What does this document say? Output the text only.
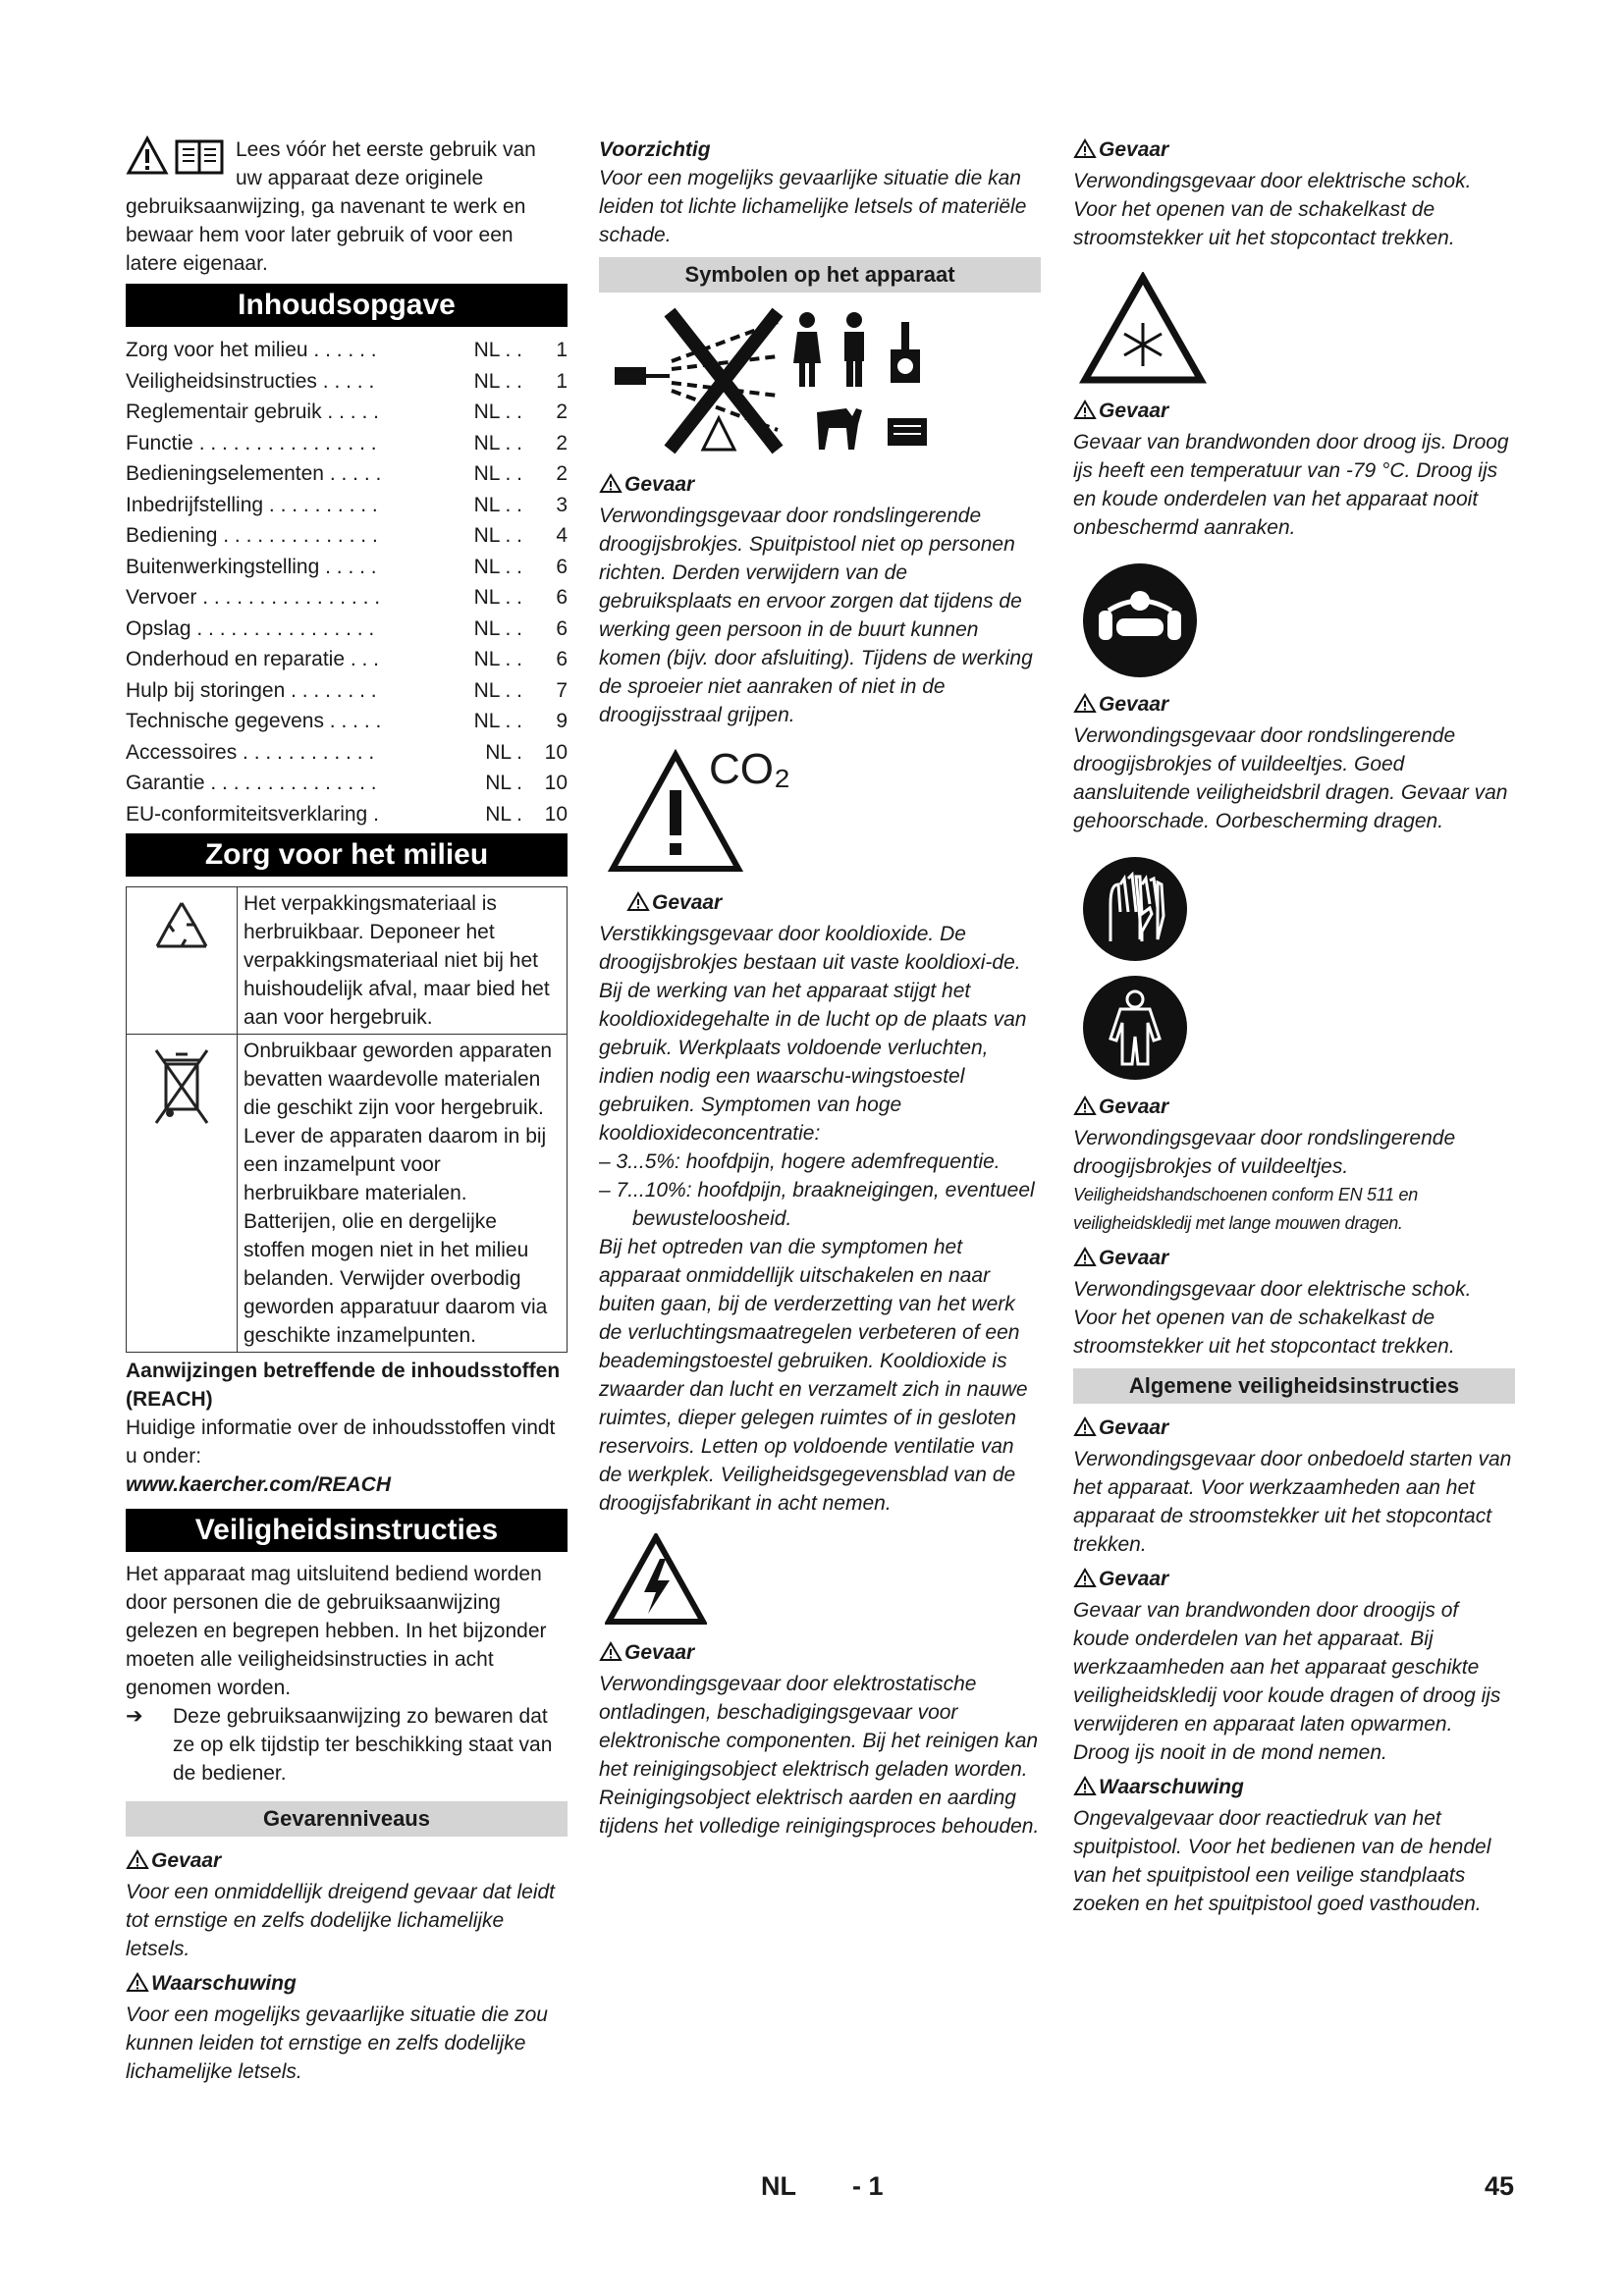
Lees vóór het eerste gebruik van uw apparaat deze originele gebruiksaanwijzing, ga navenant te werk en bewaar hem voor later gebruik of voor een latere eigenaar.

Inhoudsopgave
Zorg voor het milieu . . . . . .	NL . .	1
Veiligheidsinstructies . . . . .	NL . .	1
Reglementair gebruik . . . . .	NL . .	2
Functie . . . . . . . . . . . . . . . .	NL . .	2
Bedieningselementen . . . . .	NL . .	2
Inbedrijfstelling . . . . . . . . . .	NL . .	3
Bediening . . . . . . . . . . . . . .	NL . .	4
Buitenwerkingstelling . . . . .	NL . .	6
Vervoer . . . . . . . . . . . . . . . .	NL . .	6
Opslag . . . . . . . . . . . . . . . .	NL . .	6
Onderhoud en reparatie . . .	NL . .	6
Hulp bij storingen . . . . . . . .	NL . .	7
Technische gegevens . . . . .	NL . .	9
Accessoires . . . . . . . . . . . .	NL .	10
Garantie . . . . . . . . . . . . . . .	NL .	10
EU-conformiteitsverklaring .	NL .	10
Zorg voor het milieu
	Het verpakkingsmateriaal is herbruikbaar. Deponeer het verpakkingsmateriaal niet bij het huishoudelijk afval, maar bied het aan voor hergebruik.
	Onbruikbaar geworden apparaten bevatten waardevolle materialen die geschikt zijn voor hergebruik. Lever de apparaten daarom in bij een inzamelpunt voor herbruikbare materialen. Batterijen, olie en dergelijke stoffen mogen niet in het milieu belanden. Verwijder overbodig geworden apparatuur daarom via geschikte inzamelpunten.

Aanwijzingen betreffende de inhoudsstoffen (REACH)

Huidige informatie over de inhoudsstoffen vindt u onder:

www.kaercher.com/REACH

Veiligheidsinstructies

Het apparaat mag uitsluitend bediend worden door personen die de gebruiksaanwijzing gelezen en begrepen hebben. In het bijzonder moeten alle veiligheidsinstructies in acht genomen worden.

➔	Deze gebruiksaanwijzing zo bewaren dat ze op elk tijdstip ter beschikking staat van de bediener.
Gevarenniveaus
Gevaar

Voor een onmiddellijk dreigend gevaar dat leidt tot ernstige en zelfs dodelijke lichamelijke letsels.

Waarschuwing

Voor een mogelijks gevaarlijke situatie die zou kunnen leiden tot ernstige en zelfs dodelijke lichamelijke letsels.

Voorzichtig

Voor een mogelijks gevaarlijke situatie die kan leiden tot lichte lichamelijke letsels of materiële schade.

Symbolen op het apparaat
Gevaar

Verwondingsgevaar door rondslingerende droogijsbrokjes. Spuitpistool niet op personen richten. Derden verwijdern van de gebruiksplaats en ervoor zorgen dat tijdens de werking geen persoon in de buurt kunnen komen (bijv. door afsluiting). Tijdens de werking de sproeier niet aanraken of niet in de droogijsstraal grijpen.

CO₂
Gevaar

Verstikkingsgevaar door kooldioxide. De droogijsbrokjes bestaan uit vaste kooldioxi-de. Bij de werking van het apparaat stijgt het kooldioxidegehalte in de lucht op de plaats van gebruik. Werkplaats voldoende verluchten, indien nodig een waarschu-wingstoestel gebruiken. Symptomen van hoge kooldioxideconcentratie:

– 3...5%: hoofdpijn, hogere ademfrequentie.

– 7...10%: hoofdpijn, braakneigingen, eventueel bewusteloosheid.

Bij het optreden van die symptomen het apparaat onmiddellijk uitschakelen en naar buiten gaan, bij de verderzetting van het werk de verluchtingsmaatregelen verbeteren of een beademingstoestel gebruiken. Kooldioxide is zwaarder dan lucht en verzamelt zich in nauwe ruimtes, dieper gelegen ruimtes of in gesloten reservoirs. Letten op voldoende ventilatie van de werkplek. Veiligheidsgegevensblad van de droogijsfabrikant in acht nemen.

Gevaar

Verwondingsgevaar door elektrostatische ontladingen, beschadigingsgevaar voor elektronische componenten. Bij het reinigen kan het reinigingsobject elektrisch geladen worden. Reinigingsobject elektrisch aarden en aarding tijdens het volledige reinigingsproces behouden.

Gevaar

Verwondingsgevaar door elektrische schok. Voor het openen van de schakelkast de stroomstekker uit het stopcontact trekken.

Gevaar

Gevaar van brandwonden door droog ijs. Droog ijs heeft een temperatuur van -79 °C. Droog ijs en koude onderdelen van het apparaat nooit onbeschermd aanraken.

Gevaar

Verwondingsgevaar door rondslingerende droogijsbrokjes of vuildeeltjes. Goed aansluitende veiligheidsbril dragen. Gevaar van gehoorschade. Oorbescherming dragen.

Gevaar

Verwondingsgevaar door rondslingerende droogijsbrokjes of vuildeeltjes.

Veiligheidshandschoenen conform EN 511 en veiligheidskledij met lange mouwen dragen.

Gevaar

Verwondingsgevaar door elektrische schok. Voor het openen van de schakelkast de stroomstekker uit het stopcontact trekken.

Algemene veiligheidsinstructies
Gevaar

Verwondingsgevaar door onbedoeld starten van het apparaat. Voor werkzaamheden aan het apparaat de stroomstekker uit het stopcontact trekken.

Gevaar

Gevaar van brandwonden door droogijs of koude onderdelen van het apparaat. Bij werkzaamheden aan het apparaat geschikte veiligheidskledij voor koude dragen of droog ijs verwijderen en apparaat laten opwarmen.

Droog ijs nooit in de mond nemen.

Waarschuwing

Ongevalgevaar door reactiedruk van het spuitpistool. Voor het bedienen van de hendel van het spuitpistool een veilige standplaats zoeken en het spuitpistool goed vasthouden.

NL - 1	45
